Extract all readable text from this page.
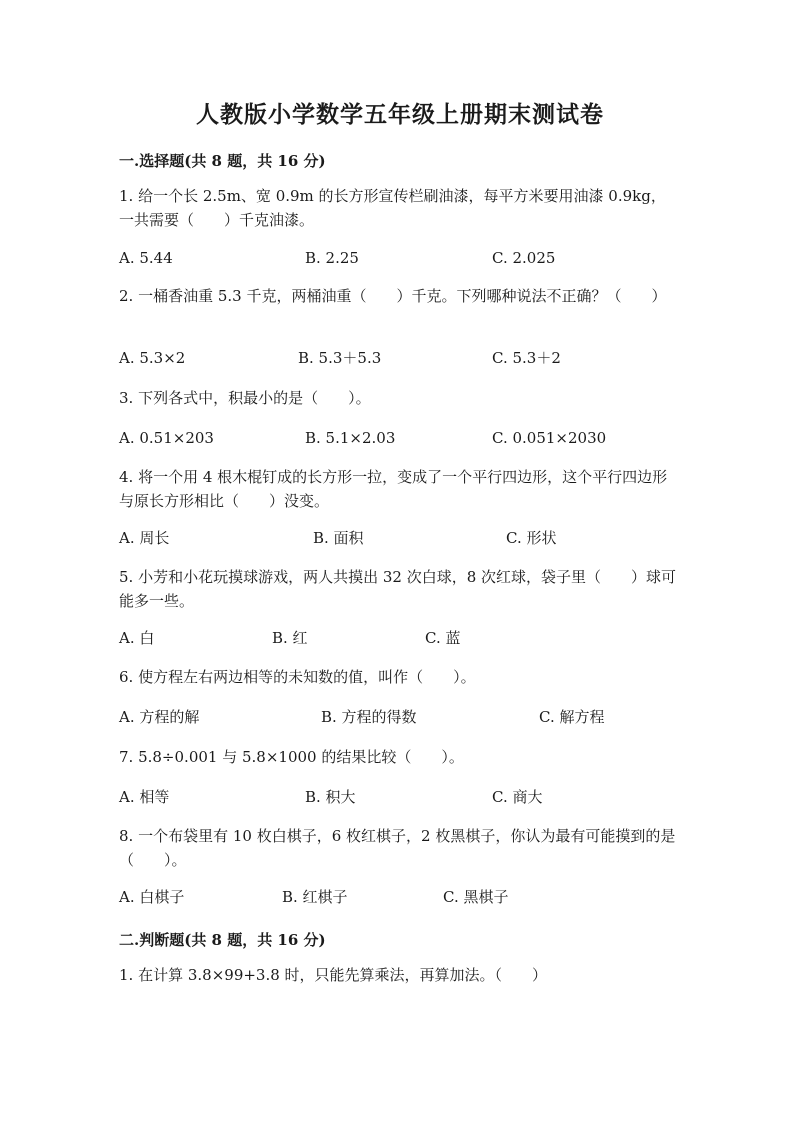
人教版小学数学五年级上册期末测试卷
一.选择题(共 8 题，共 16 分)

1. 给一个长 2.5m、宽 0.9m 的长方形宣传栏刷油漆，每平方米要用油漆 0.9kg，一共需要（　　）千克油漆。

A. 5.44	B. 2.25	C. 2.025

2. 一桶香油重 5.3 千克，两桶油重（　　）千克。下列哪种说法不正确？（　　）

A. 5.3×2	B. 5.3＋5.3	C. 5.3＋2

3. 下列各式中，积最小的是（　　）。

A. 0.51×203	B. 5.1×2.03	C. 0.051×2030

4. 将一个用 4 根木棍钉成的长方形一拉，变成了一个平行四边形，这个平行四边形与原长方形相比（　　）没变。

A. 周长	B. 面积	C. 形状

5. 小芳和小花玩摸球游戏，两人共摸出 32 次白球，8 次红球，袋子里（　　）球可能多一些。

A. 白	B. 红	C. 蓝

6. 使方程左右两边相等的未知数的值，叫作（　　）。

A. 方程的解	B. 方程的得数	C. 解方程

7. 5.8÷0.001 与 5.8×1000 的结果比较（　　）。

A. 相等	B. 积大	C. 商大

8. 一个布袋里有 10 枚白棋子，6 枚红棋子，2 枚黑棋子，你认为最有可能摸到的是（　　）。

A. 白棋子	B. 红棋子	C. 黑棋子
二.判断题(共 8 题，共 16 分)

1. 在计算 3.8×99+3.8 时，只能先算乘法，再算加法。（　　）
